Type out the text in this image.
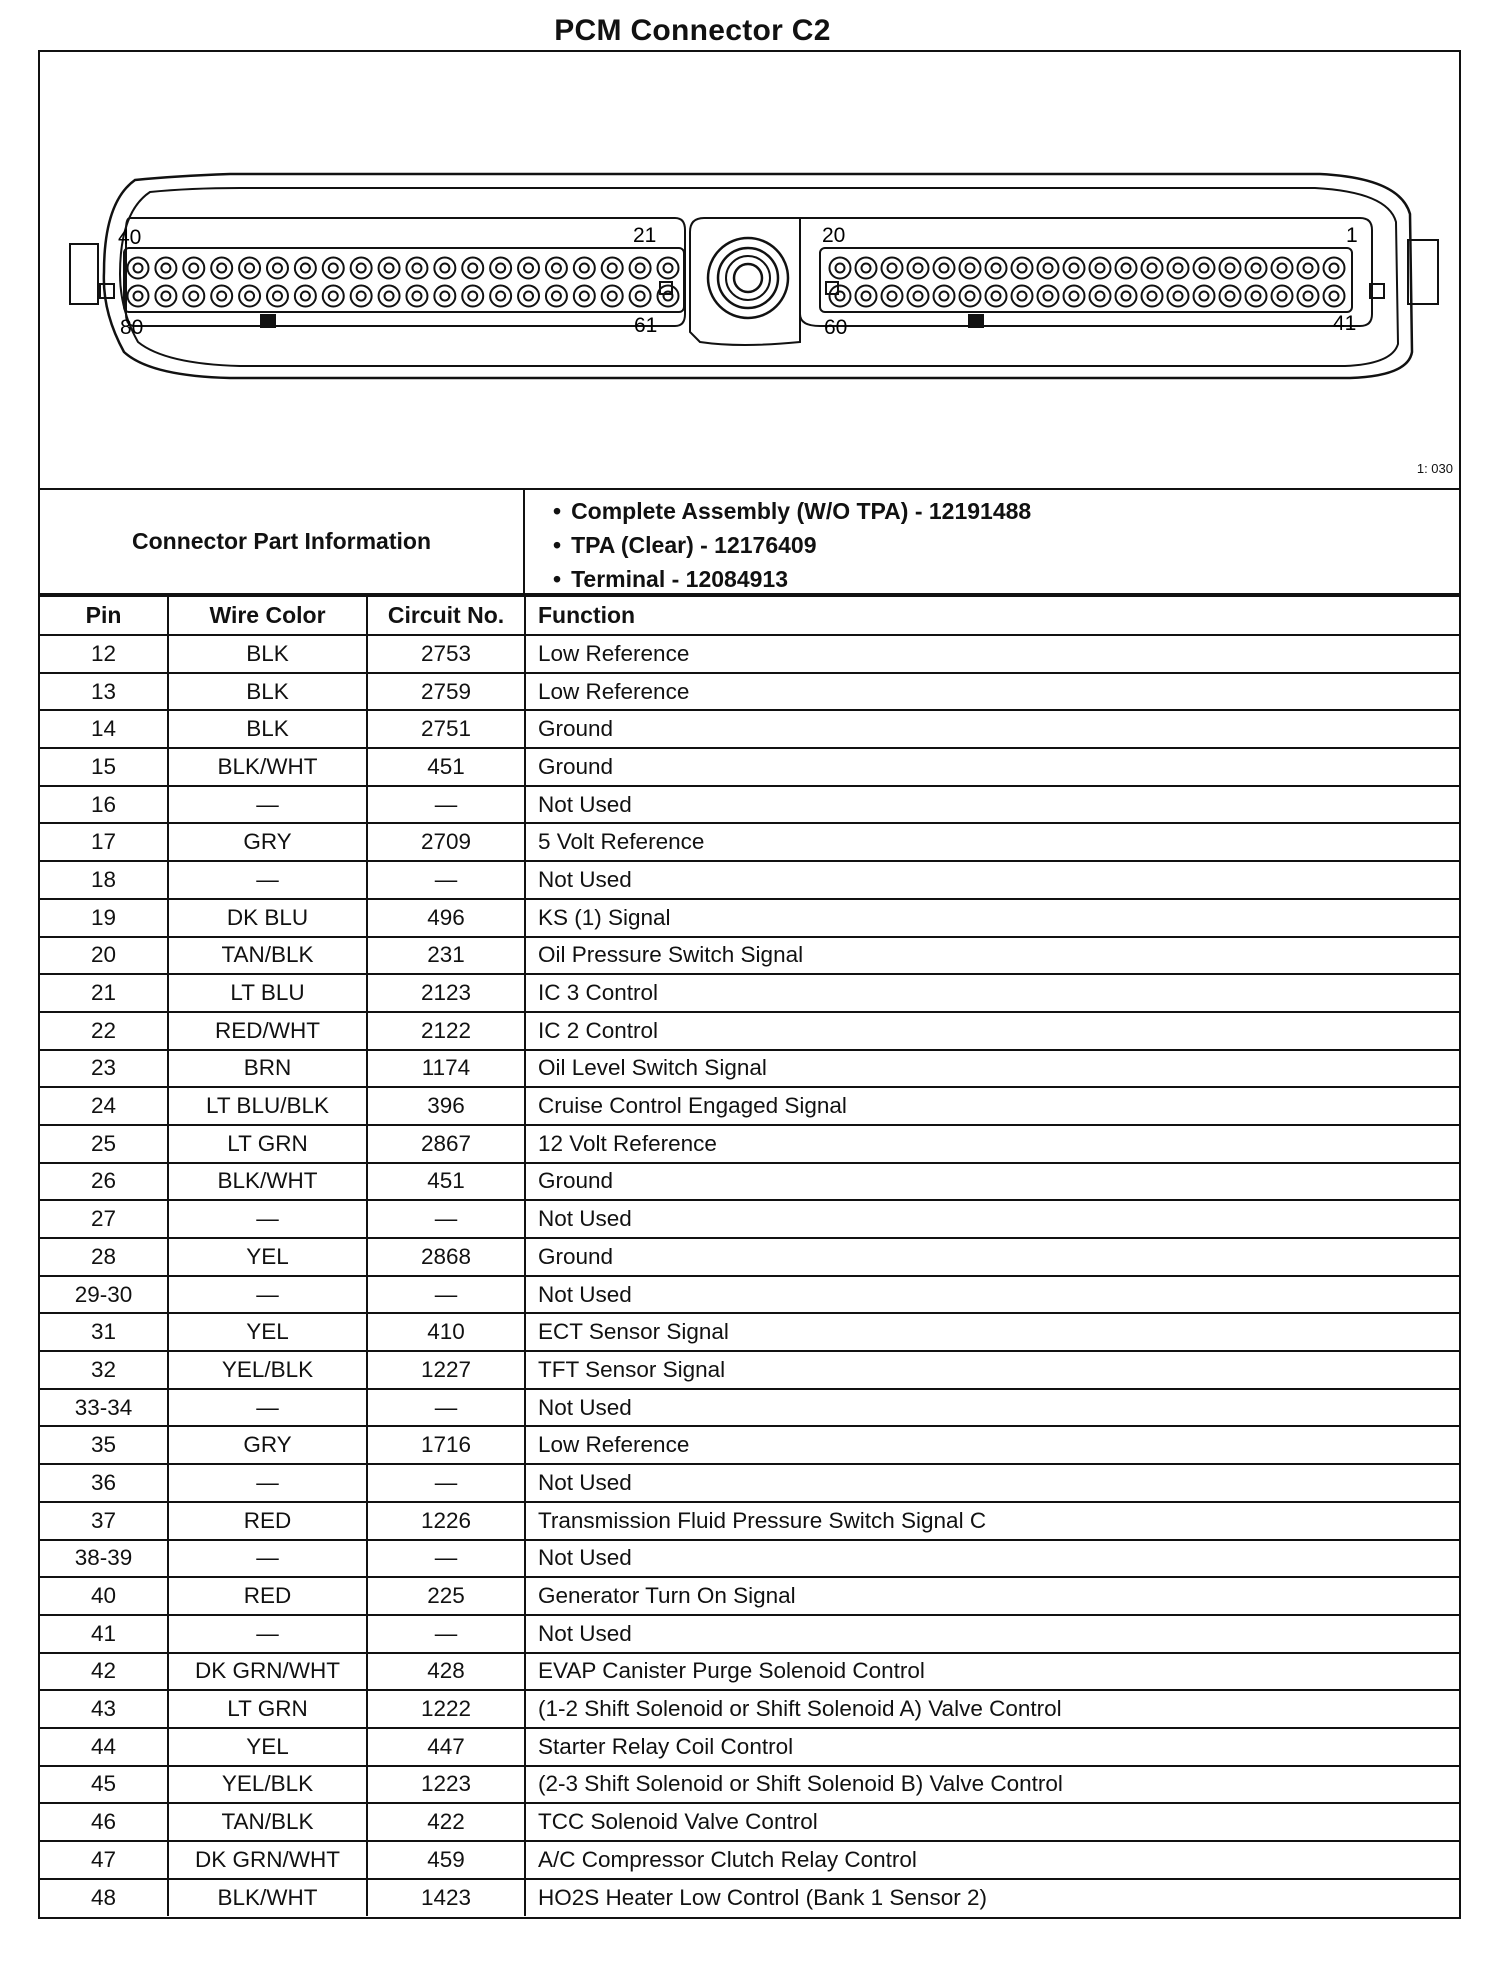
PCM Connector C2
40	21
80	61
20	1
60	41
1: 030
Connector Part Information
• Complete Assembly (W/O TPA) - 12191488
• TPA (Clear) - 12176409
• Terminal - 12084913
Pin	Wire Color	Circuit No.	Function
12	BLK	2753	Low Reference
13	BLK	2759	Low Reference
14	BLK	2751	Ground
15	BLK/WHT	451	Ground
16	—	—	Not Used
17	GRY	2709	5 Volt Reference
18	—	—	Not Used
19	DK BLU	496	KS (1) Signal
20	TAN/BLK	231	Oil Pressure Switch Signal
21	LT BLU	2123	IC 3 Control
22	RED/WHT	2122	IC 2 Control
23	BRN	1174	Oil Level Switch Signal
24	LT BLU/BLK	396	Cruise Control Engaged Signal
25	LT GRN	2867	12 Volt Reference
26	BLK/WHT	451	Ground
27	—	—	Not Used
28	YEL	2868	Ground
29-30	—	—	Not Used
31	YEL	410	ECT Sensor Signal
32	YEL/BLK	1227	TFT Sensor Signal
33-34	—	—	Not Used
35	GRY	1716	Low Reference
36	—	—	Not Used
37	RED	1226	Transmission Fluid Pressure Switch Signal C
38-39	—	—	Not Used
40	RED	225	Generator Turn On Signal
41	—	—	Not Used
42	DK GRN/WHT	428	EVAP Canister Purge Solenoid Control
43	LT GRN	1222	(1-2 Shift Solenoid or Shift Solenoid A) Valve Control
44	YEL	447	Starter Relay Coil Control
45	YEL/BLK	1223	(2-3 Shift Solenoid or Shift Solenoid B) Valve Control
46	TAN/BLK	422	TCC Solenoid Valve Control
47	DK GRN/WHT	459	A/C Compressor Clutch Relay Control
48	BLK/WHT	1423	HO2S Heater Low Control (Bank 1 Sensor 2)
